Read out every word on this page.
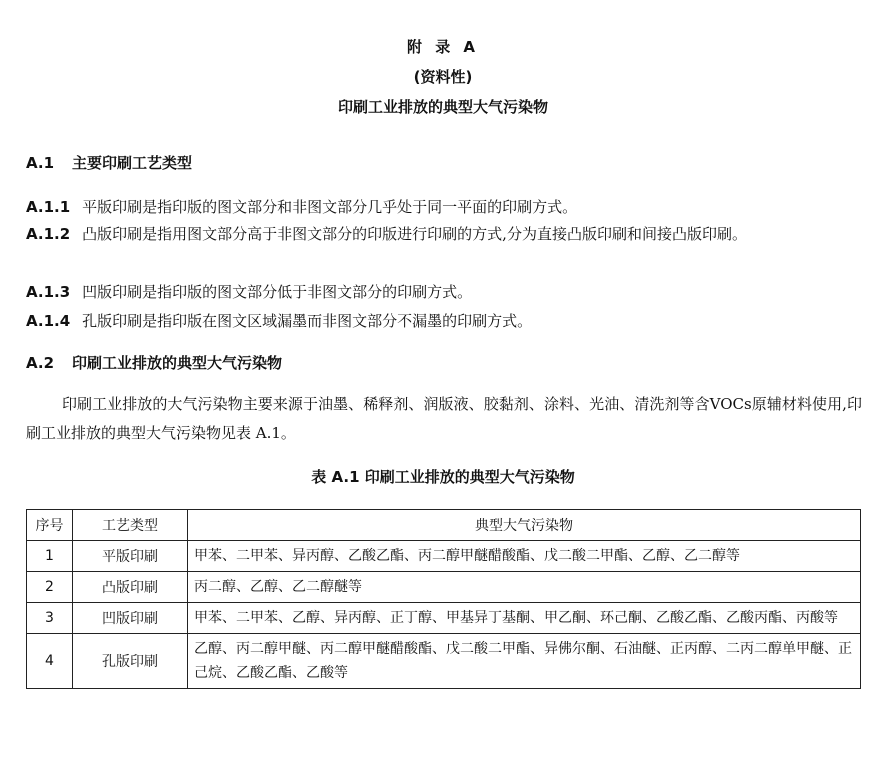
附 录 A
(资料性)
印刷工业排放的典型大气污染物
A.1 主要印刷工艺类型
A.1.1 平版印刷是指印版的图文部分和非图文部分几乎处于同一平面的印刷方式。
A.1.2 凸版印刷是指用图文部分高于非图文部分的印版进行印刷的方式,分为直接凸版印刷和间接凸版印刷。
A.1.3 凹版印刷是指印版的图文部分低于非图文部分的印刷方式。
A.1.4 孔版印刷是指印版在图文区域漏墨而非图文部分不漏墨的印刷方式。
A.2 印刷工业排放的典型大气污染物
印刷工业排放的大气污染物主要来源于油墨、稀释剂、润版液、胶黏剂、涂料、光油、清洗剂等含VOCs原辅材料使用,印刷工业排放的典型大气污染物见表 A.1。
表 A.1 印刷工业排放的典型大气污染物
序号	工艺类型	典型大气污染物
1	平版印刷	甲苯、二甲苯、异丙醇、乙酸乙酯、丙二醇甲醚醋酸酯、戊二酸二甲酯、乙醇、乙二醇等
2	凸版印刷	丙二醇、乙醇、乙二醇醚等
3	凹版印刷	甲苯、二甲苯、乙醇、异丙醇、正丁醇、甲基异丁基酮、甲乙酮、环己酮、乙酸乙酯、乙酸丙酯、丙酸等
4	孔版印刷	乙醇、丙二醇甲醚、丙二醇甲醚醋酸酯、戊二酸二甲酯、异佛尔酮、石油醚、正丙醇、二丙二醇单甲醚、正己烷、乙酸乙酯、乙酸等
